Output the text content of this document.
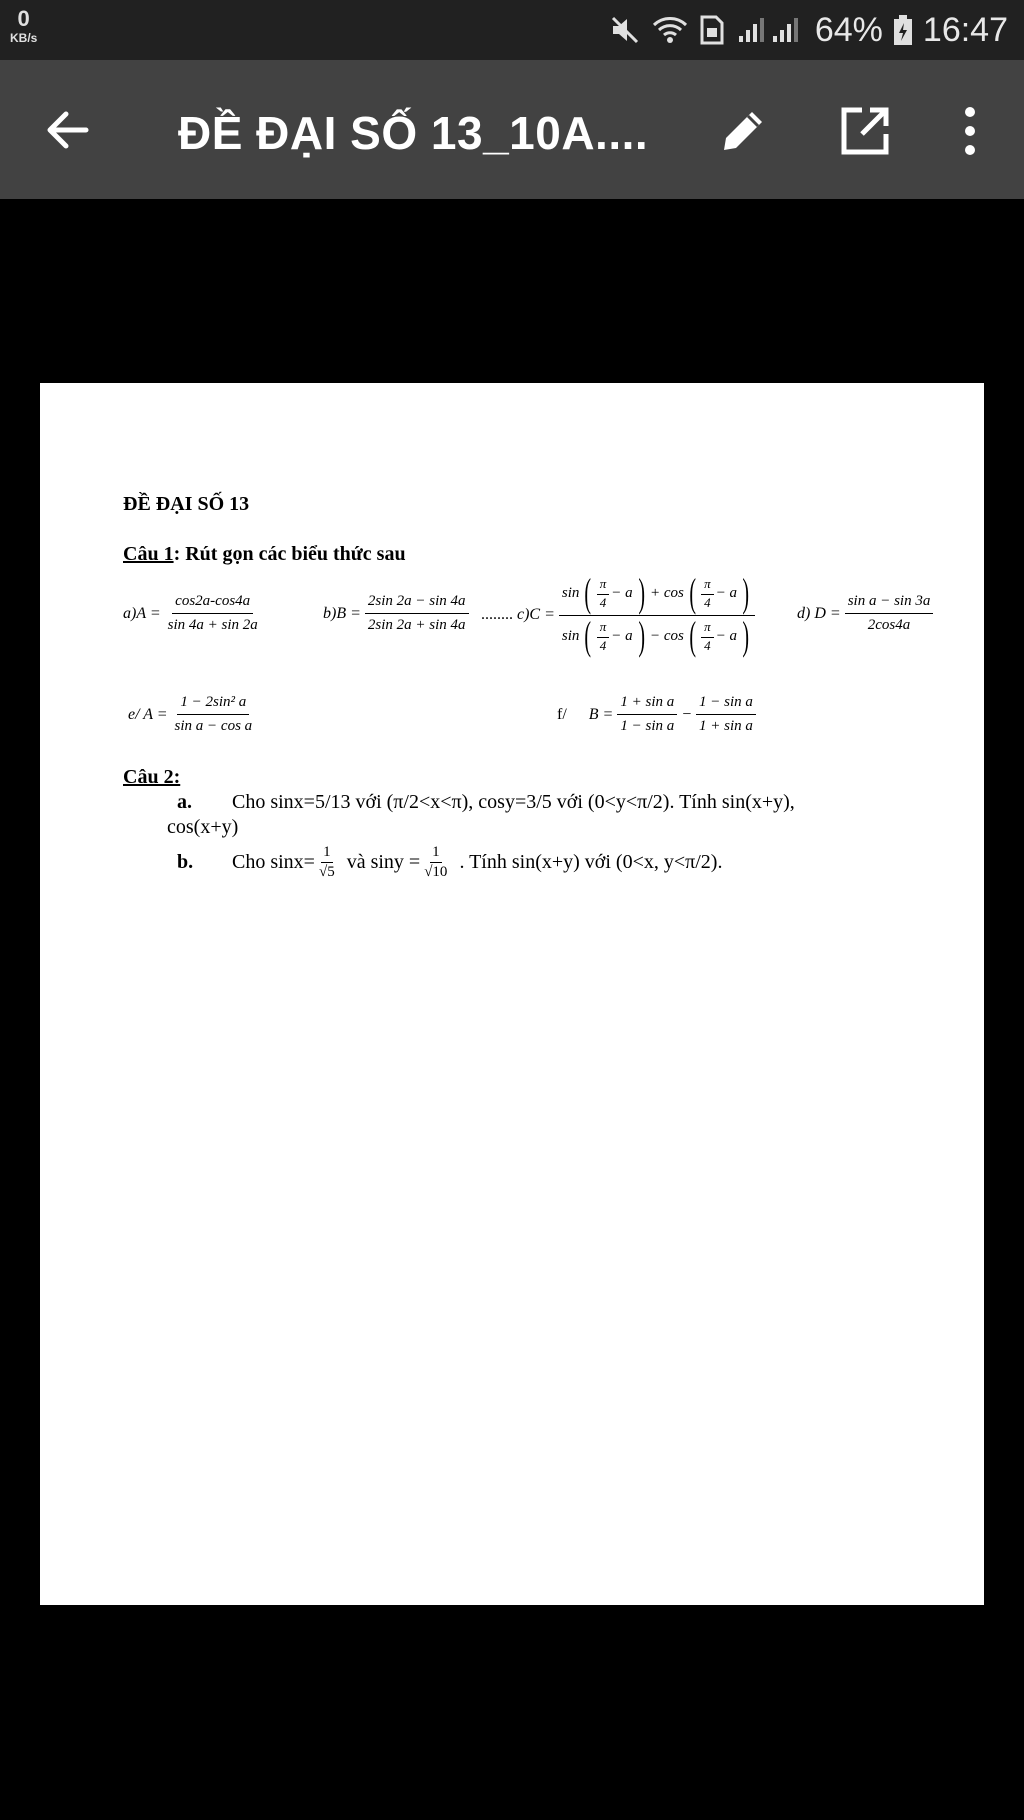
0
KB/s	64% 16:47
ĐỀ ĐẠI SỐ 13_10A....
ĐỀ ĐẠI SỐ 13
Câu 1: Rút gọn các biểu thức sau
$a)A = \frac{\cos 2a-\cos 4a}{\sin 4a + \sin 2a}$	$b)B = \frac{2\sin 2a - \sin 4a}{2\sin 2a + \sin 4a}$ ........ c)C =
sin ( π
4
− a ) + cos ( π
4
− a )
sin ( π
4
− a ) − cos ( π
4
− a )	d) $D = \frac{\text{sin a − sin 3a}}{2\cos 4a}$
e/ $A = \frac{\text{1 − 2sin² a}}{\text{sin a − cos a}}$	f/ $B = \frac{\text{1 + sin a}}{\text{1 − sin a}} - \frac{\text{1 − sin a}}{\text{1 + sin a}}$
Câu 2:
a. Cho sinx=5/13 với (π/2<x<π), cosy=3/5 với (0<y<π/2). Tính sin(x+y),
cos(x+y)
b.	Cho $\sin x= \frac{1}{√5}$ và $\sin y = \frac{1}{√10}$ . Tính sin(x+y) với (0<x, y<π/2).
